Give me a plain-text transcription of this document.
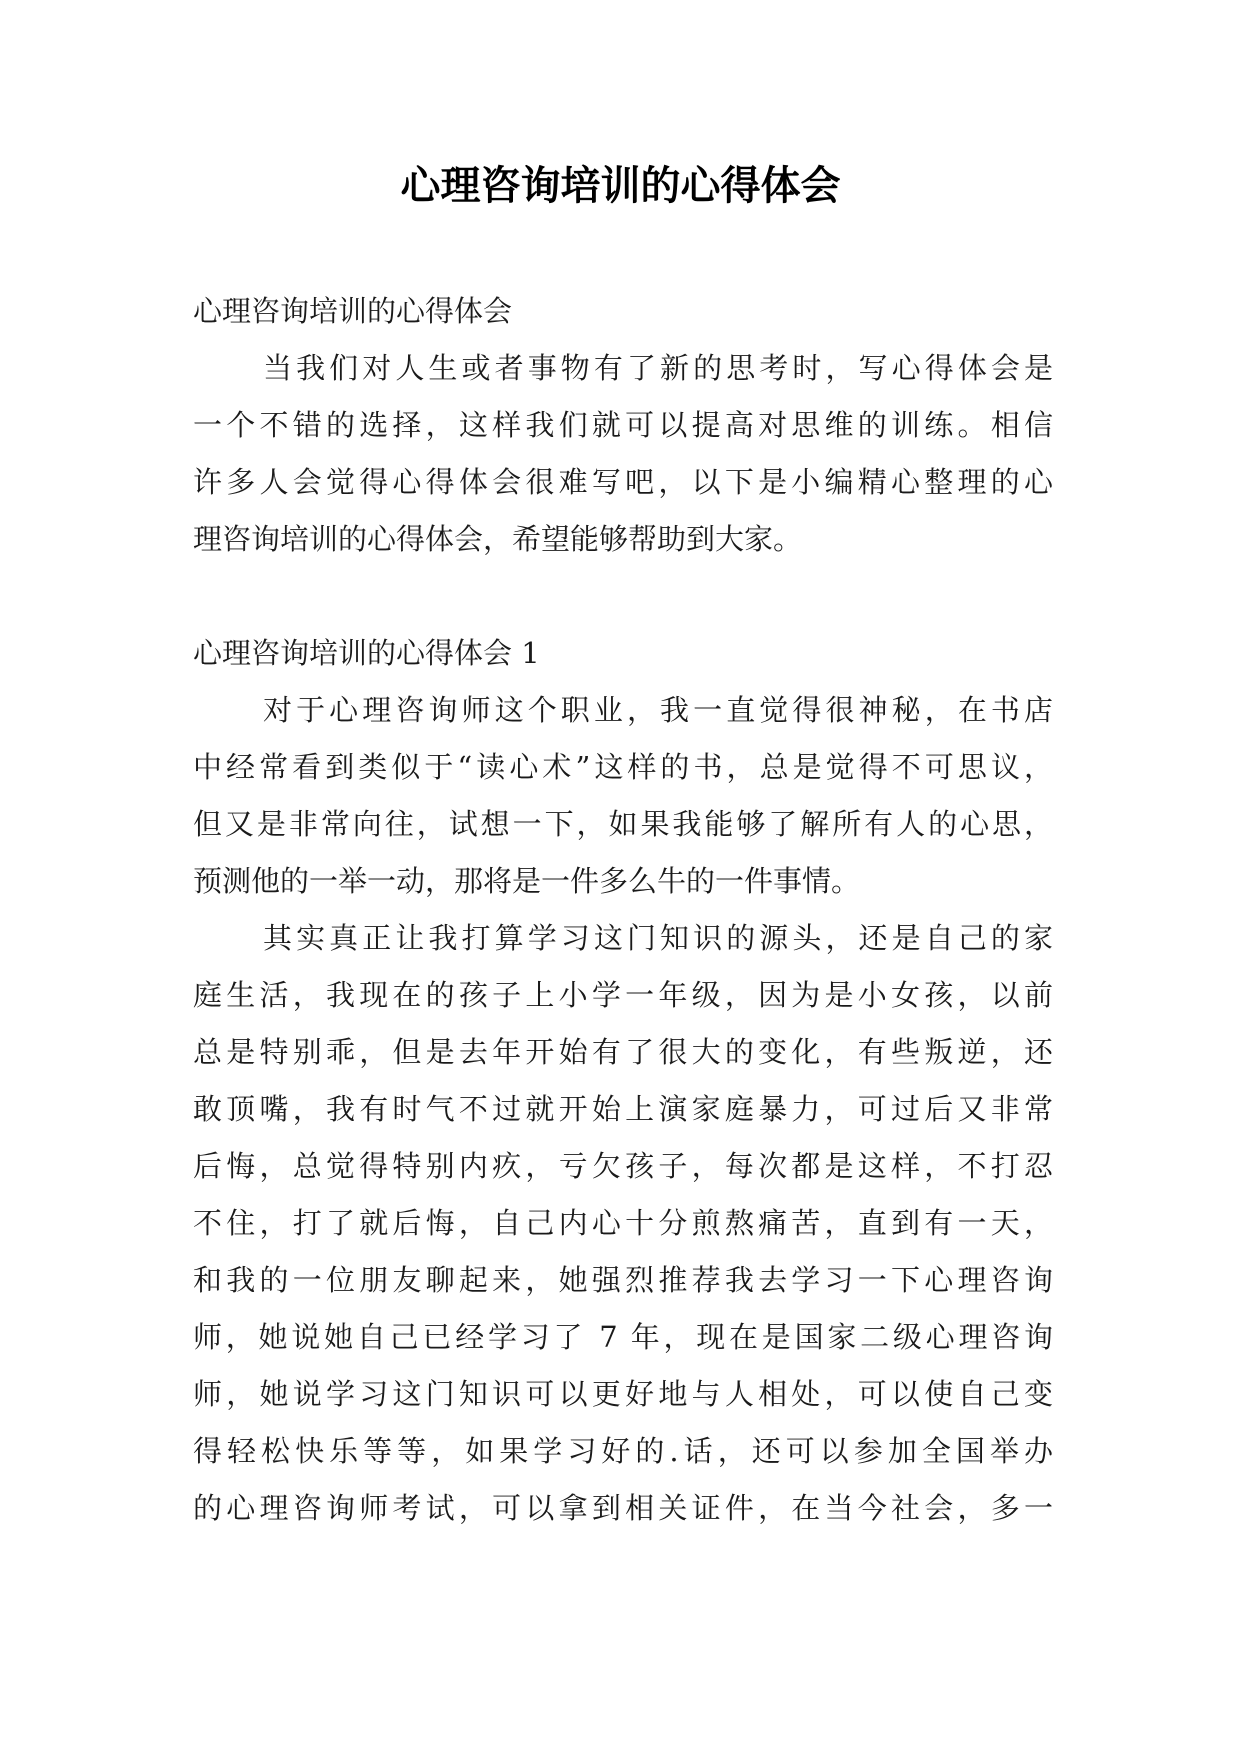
心理咨询培训的心得体会

心理咨询培训的心得体会

当我们对人生或者事物有了新的思考时，写心得体会是

一个不错的选择，这样我们就可以提高对思维的训练。相信

许多人会觉得心得体会很难写吧，以下是小编精心整理的心

理咨询培训的心得体会，希望能够帮助到大家。

心理咨询培训的心得体会 1

对于心理咨询师这个职业，我一直觉得很神秘，在书店

中经常看到类似于“读心术”这样的书，总是觉得不可思议，

但又是非常向往，试想一下，如果我能够了解所有人的心思，

预测他的一举一动，那将是一件多么牛的一件事情。

其实真正让我打算学习这门知识的源头，还是自己的家

庭生活，我现在的孩子上小学一年级，因为是小女孩，以前

总是特别乖，但是去年开始有了很大的变化，有些叛逆，还

敢顶嘴，我有时气不过就开始上演家庭暴力，可过后又非常

后悔，总觉得特别内疚，亏欠孩子，每次都是这样，不打忍

不住，打了就后悔，自己内心十分煎熬痛苦，直到有一天，

和我的一位朋友聊起来，她强烈推荐我去学习一下心理咨询

师，她说她自己已经学习了 7 年，现在是国家二级心理咨询

师，她说学习这门知识可以更好地与人相处，可以使自己变

得轻松快乐等等，如果学习好的.话，还可以参加全国举办

的心理咨询师考试，可以拿到相关证件，在当今社会，多一
